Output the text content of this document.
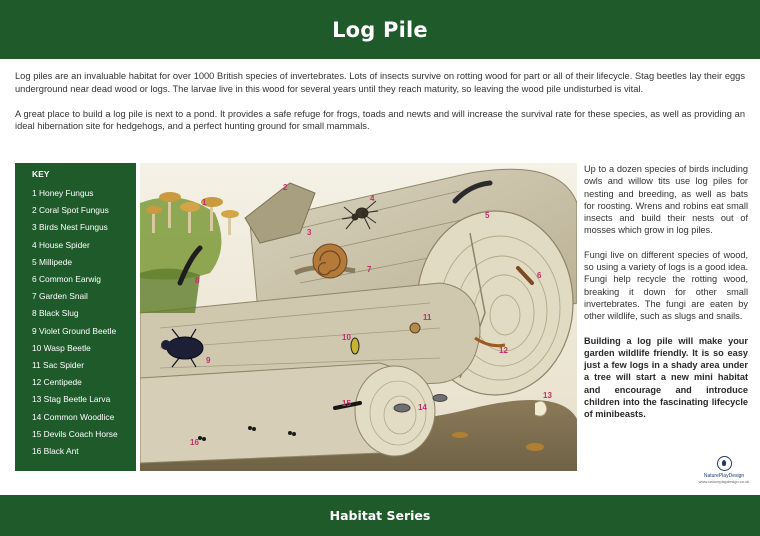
Log Pile

Log piles are an invaluable habitat for over 1000 British species of invertebrates. Lots of insects survive on rotting wood for part or all of their lifecycle. Stag beetles lay their eggs underground near dead wood or logs. The larvae live in this wood for several years until they reach maturity, so leaving the wood pile undisturbed is vital.

A great place to build a log pile is next to a pond. It provides a safe refuge for frogs, toads and newts and will increase the survival rate for these species, as well as providing an ideal hibernation site for hedgehogs, and a perfect hunting ground for small mammals.

KEY
1 Honey Fungus
2 Coral Spot Fungus
3 Birds Nest Fungus
4 House Spider
5 Millipede
6 Common Earwig
7 Garden Snail
8 Black Slug
9 Violet Ground Beetle
10 Wasp Beetle
11 Sac Spider
12 Centipede
13 Stag Beetle Larva
14 Common Woodlice
15 Devils Coach Horse
16 Black Ant
1
2
3
4
5
6
7
8
9
10
11
12
13
14
15
16

Up to a dozen species of birds including owls and willow tits use log piles for nesting and breeding, as well as bats for roosting. Wrens and robins eat small insects and build their nests out of mosses which grow in log piles.

Fungi live on different species of wood, so using a variety of logs is a good idea. Fungi help recycle the rotting wood, breaking it down for other small invertebrates. The fungi are eaten by other wildlife, such as slugs and snails.

Building a log pile will make your garden wildlife friendly. It is so easy just a few logs in a shady area under a tree will start a new mini habitat and encourage and introduce children into the fascinating lifecycle of minibeasts.

NaturePlayDesign
www.natureplaydesign.co.uk
Habitat Series
